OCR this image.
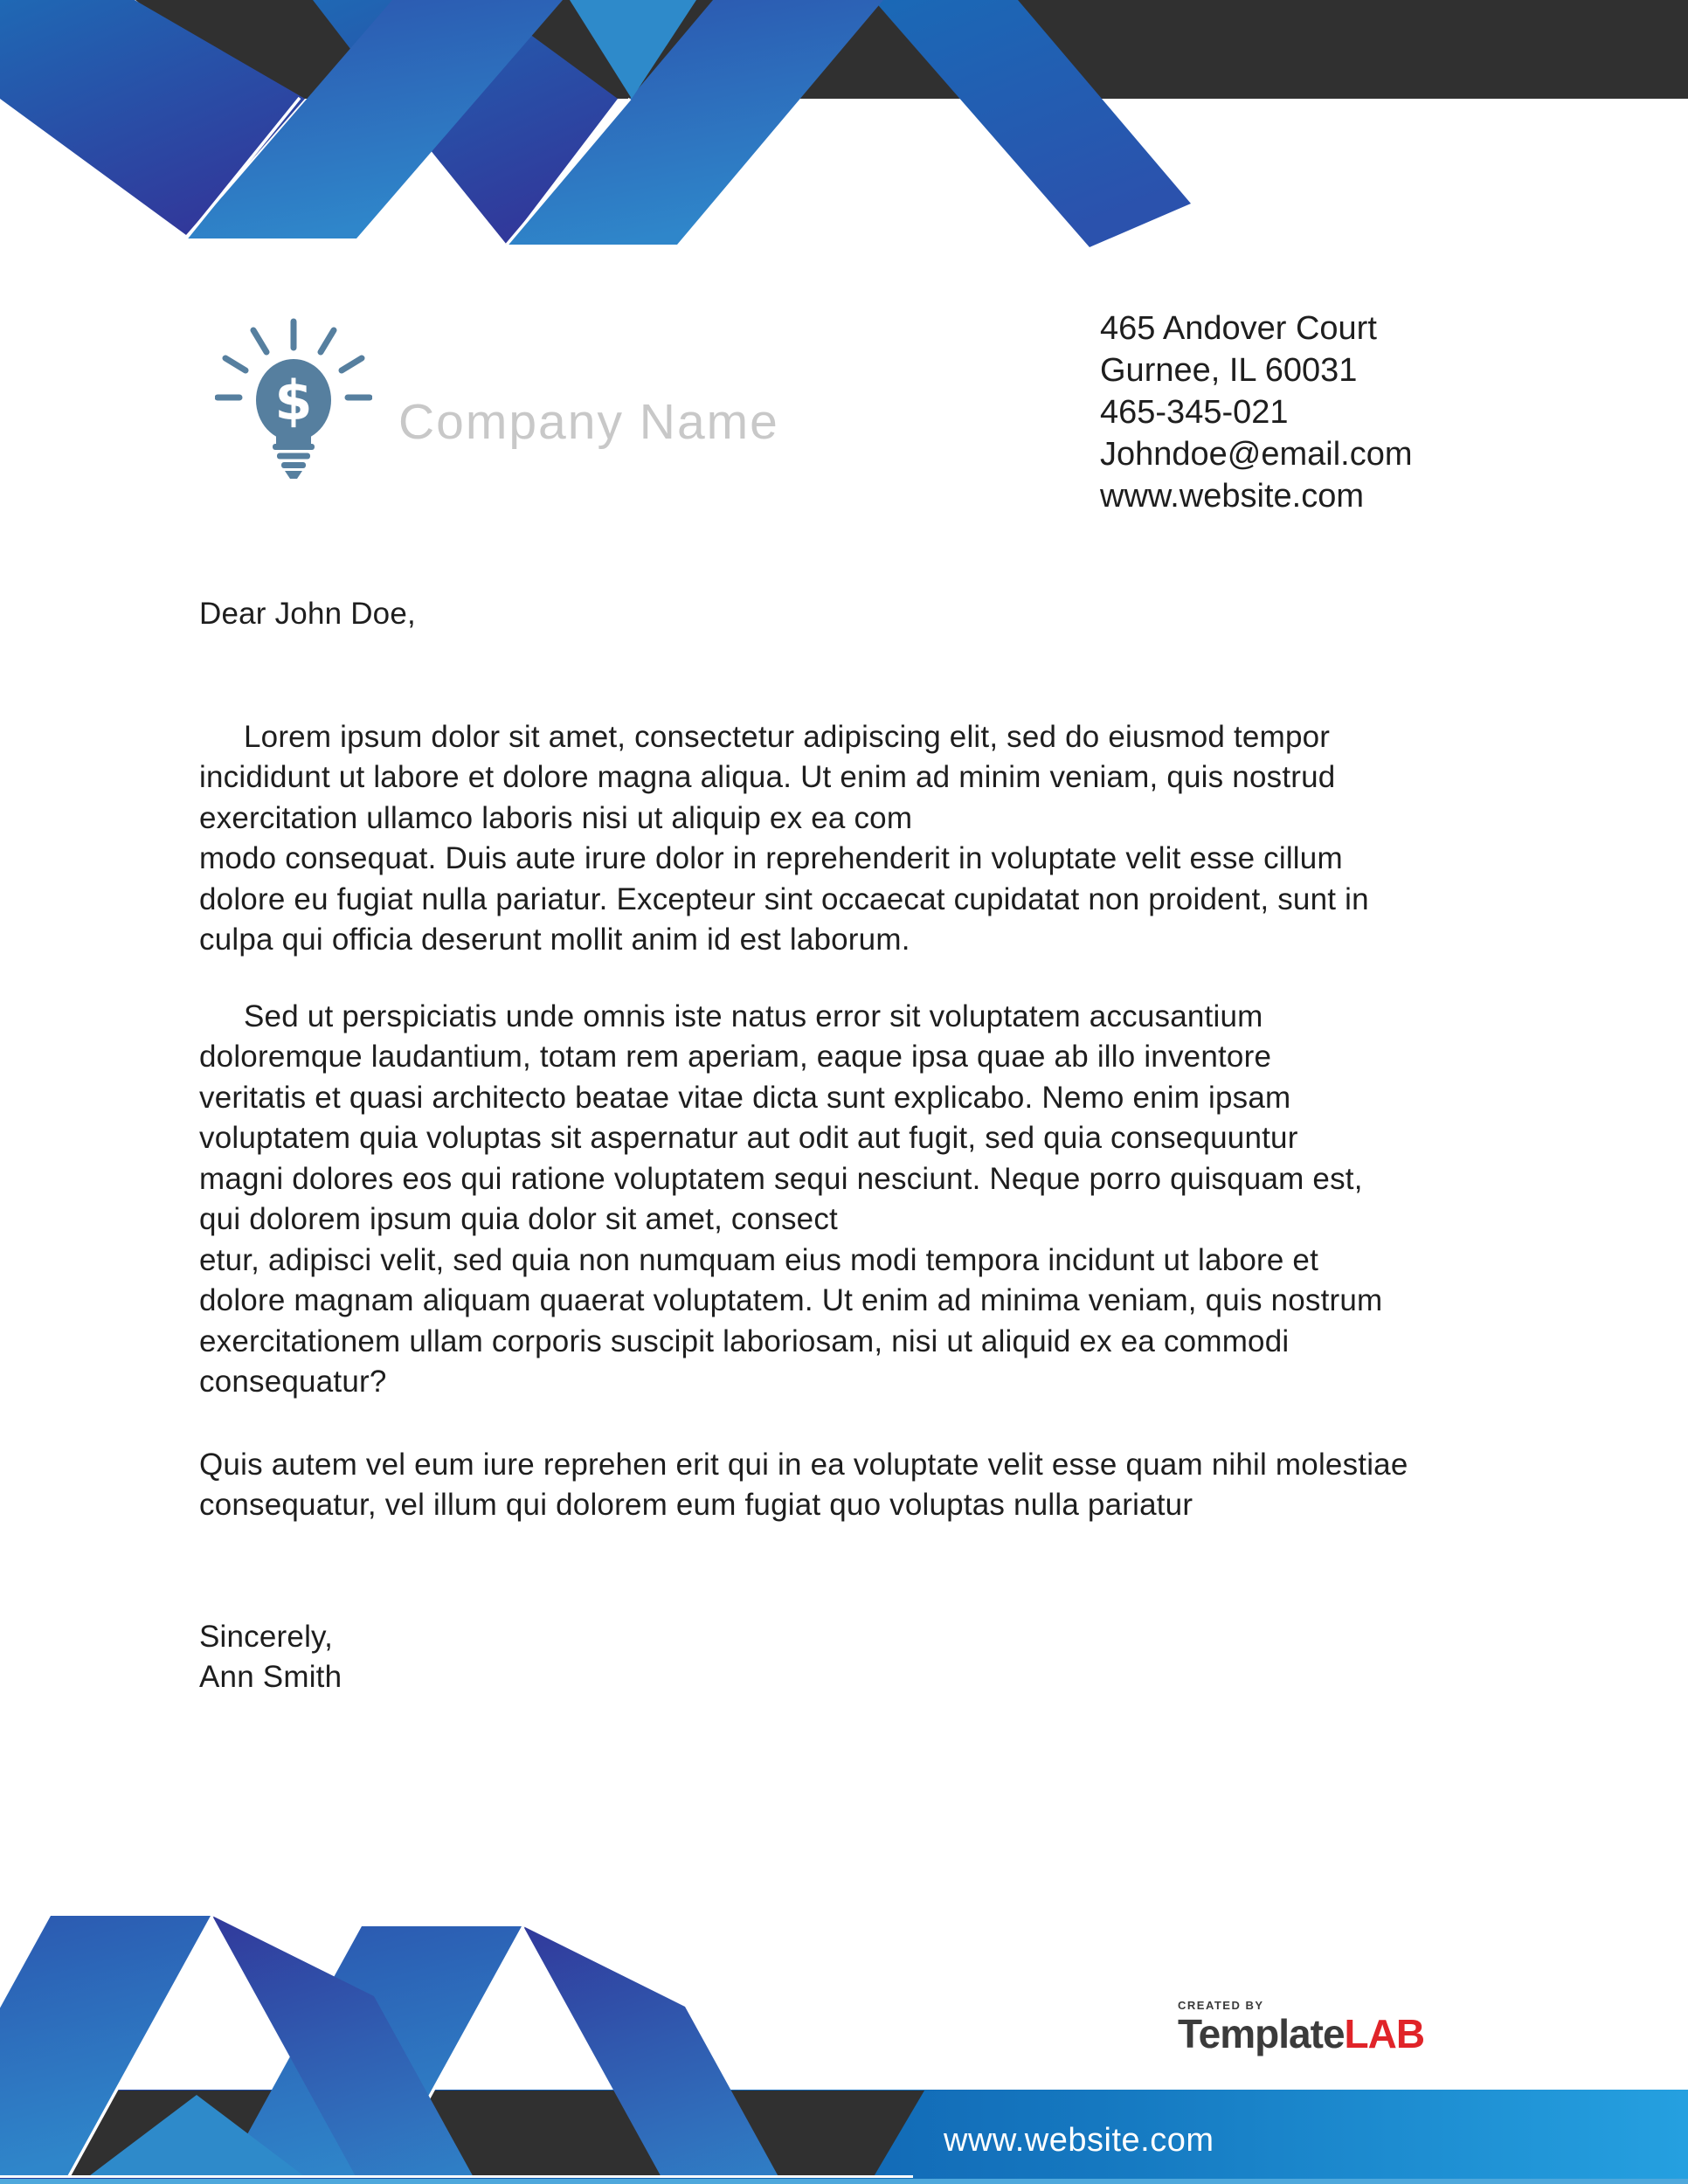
$ Company Name
465 Andover Court
Gurnee, IL 60031
465-345-021
Johndoe@email.com
www.website.com
Dear John Doe,
Lorem ipsum dolor sit amet, consectetur adipiscing elit, sed do eiusmod tempor
incididunt ut labore et dolore magna aliqua. Ut enim ad minim veniam, quis nostrud
exercitation ullamco laboris nisi ut aliquip ex ea com
modo consequat. Duis aute irure dolor in reprehenderit in voluptate velit esse cillum
dolore eu fugiat nulla pariatur. Excepteur sint occaecat cupidatat non proident, sunt in
culpa qui officia deserunt mollit anim id est laborum.
Sed ut perspiciatis unde omnis iste natus error sit voluptatem accusantium
doloremque laudantium, totam rem aperiam, eaque ipsa quae ab illo inventore
veritatis et quasi architecto beatae vitae dicta sunt explicabo. Nemo enim ipsam
voluptatem quia voluptas sit aspernatur aut odit aut fugit, sed quia consequuntur
magni dolores eos qui ratione voluptatem sequi nesciunt. Neque porro quisquam est,
qui dolorem ipsum quia dolor sit amet, consect
etur, adipisci velit, sed quia non numquam eius modi tempora incidunt ut labore et
dolore magnam aliquam quaerat voluptatem. Ut enim ad minima veniam, quis nostrum
exercitationem ullam corporis suscipit laboriosam, nisi ut aliquid ex ea commodi
consequatur?
Quis autem vel eum iure reprehen erit qui in ea voluptate velit esse quam nihil molestiae
consequatur, vel illum qui dolorem eum fugiat quo voluptas nulla pariatur
Sincerely,
Ann Smith
CREATED BY
TemplateLAB
www.website.com
